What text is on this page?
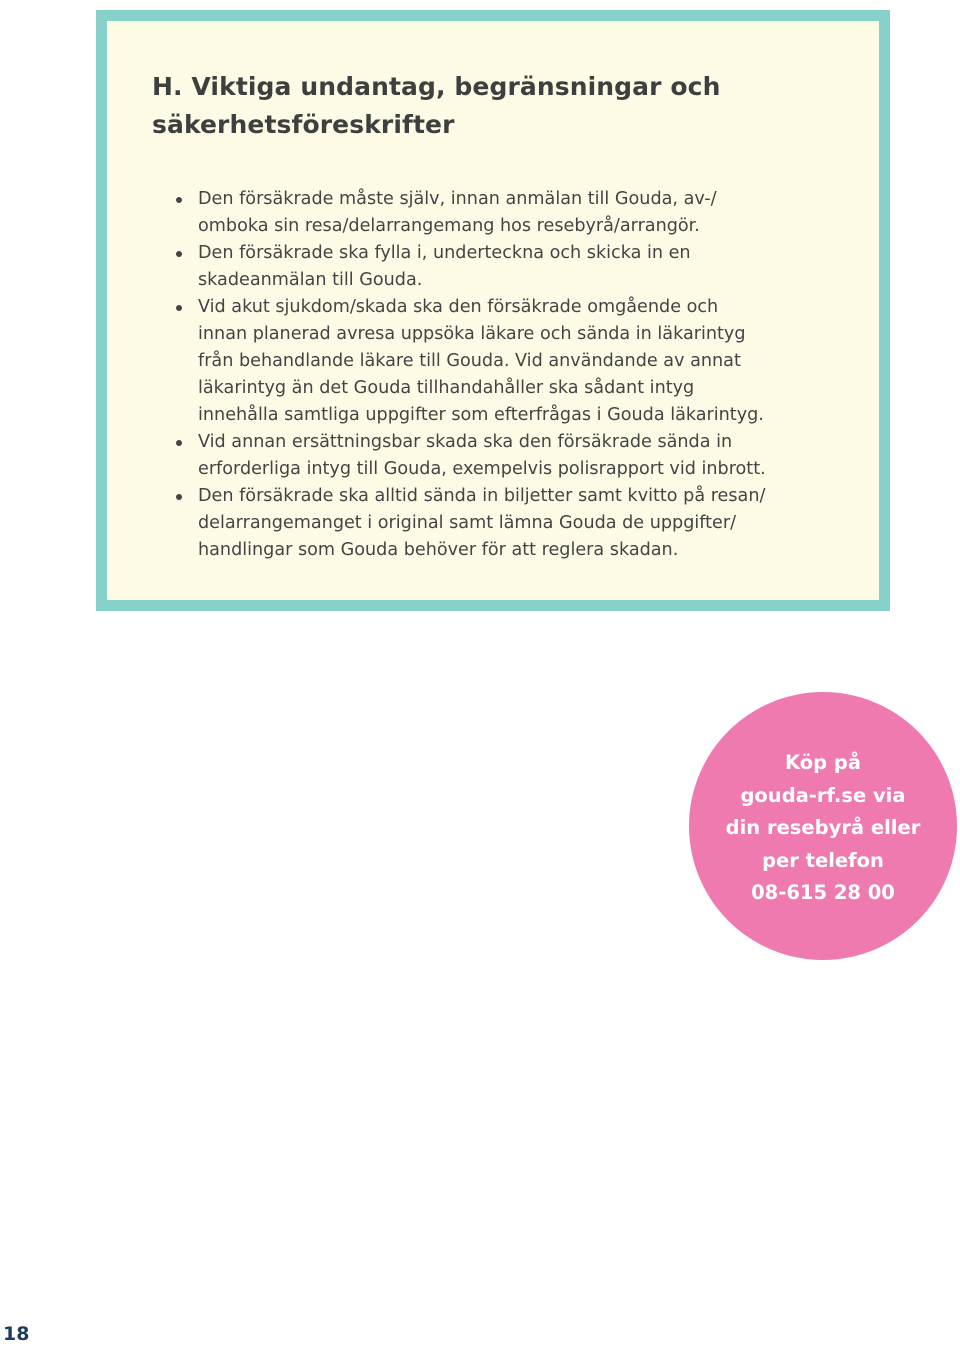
H. Viktiga undantag, begränsningar och
säkerhetsföreskrifter
Den försäkrade måste själv, innan anmälan till Gouda, av-/
omboka sin resa/delarrangemang hos resebyrå/arrangör.
Den försäkrade ska fylla i, underteckna och skicka in en
skadeanmälan till Gouda.
Vid akut sjukdom/skada ska den försäkrade omgående och
innan planerad avresa uppsöka läkare och sända in läkarintyg
från behandlande läkare till Gouda. Vid användande av annat
läkarintyg än det Gouda tillhandahåller ska sådant intyg
innehålla samtliga uppgifter som efterfrågas i Gouda läkarintyg.
Vid annan ersättningsbar skada ska den försäkrade sända in
erforderliga intyg till Gouda, exempelvis polisrapport vid inbrott.
Den försäkrade ska alltid sända in biljetter samt kvitto på resan/
delarrangemanget i original samt lämna Gouda de uppgifter/
handlingar som Gouda behöver för att reglera skadan.
Köp på
gouda-rf.se via
din resebyrå eller
per telefon
08-615 28 00
18
